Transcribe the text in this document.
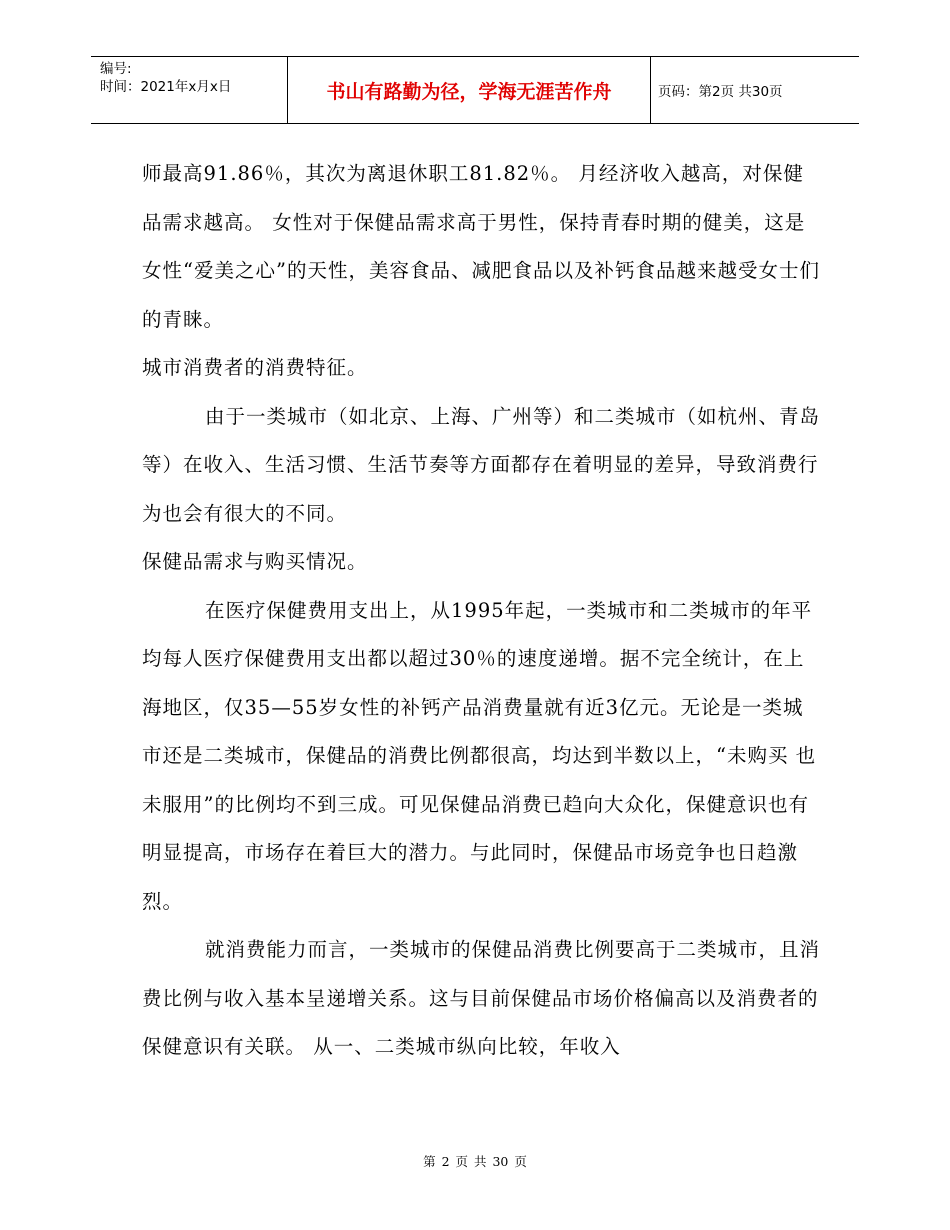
编号:
时间：2021年x月x日	书山有路勤为径，学海无涯苦作舟	页码：第2页 共30页

师最高91.86％，其次为离退休职工81.82％。 月经济收入越高，对保健品需求越高。 女性对于保健品需求高于男性，保持青春时期的健美，这是女性“爱美之心”的天性，美容食品、减肥食品以及补钙食品越来越受女士们的青睐。

城市消费者的消费特征。

由于一类城市（如北京、上海、广州等）和二类城市（如杭州、青岛等）在收入、生活习惯、生活节奏等方面都存在着明显的差异，导致消费行为也会有很大的不同。

保健品需求与购买情况。

在医疗保健费用支出上，从1995年起，一类城市和二类城市的年平均每人医疗保健费用支出都以超过30％的速度递增。据不完全统计，在上海地区，仅35—55岁女性的补钙产品消费量就有近3亿元。无论是一类城市还是二类城市，保健品的消费比例都很高，均达到半数以上，“未购买 也未服用”的比例均不到三成。可见保健品消费已趋向大众化，保健意识也有明显提高，市场存在着巨大的潜力。与此同时，保健品市场竞争也日趋激烈。

就消费能力而言，一类城市的保健品消费比例要高于二类城市，且消费比例与收入基本呈递增关系。这与目前保健品市场价格偏高以及消费者的保健意识有关联。 从一、二类城市纵向比较，年收入

第 2 页 共 30 页
